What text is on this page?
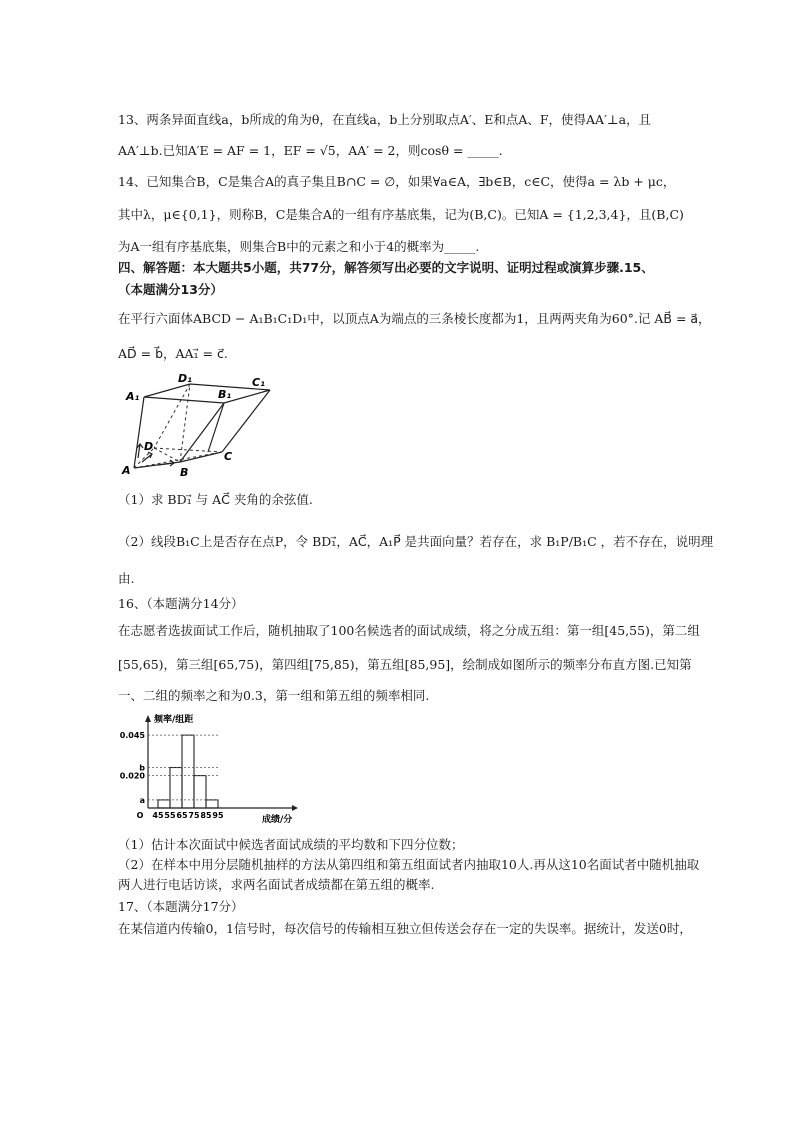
13、两条异面直线a，b所成的角为θ，在直线a，b上分别取点A′、E和点A、F，使得AA′⊥a，且
AA′⊥b.已知A′E = AF = 1，EF = √5，AA′ = 2，则cosθ = _____.
14、已知集合B，C是集合A的真子集且B∩C = ∅，如果∀a∈A，∃b∈B，c∈C，使得a = λb + μc，
其中λ，μ∈{0,1}，则称B，C是集合A的一组有序基底集，记为(B,C)。已知A = {1,2,3,4}，且(B,C)
为A一组有序基底集，则集合B中的元素之和小于4的概率为_____.
四、解答题：本大题共5小题，共77分，解答须写出必要的文字说明、证明过程或演算步骤.15、
（本题满分13分）
在平行六面体ABCD − A₁B₁C₁D₁中，以顶点A为端点的三条棱长度都为1，且两两夹角为60°.记 AB⃗ = a⃗，
AD⃗ = b⃗，AA₁⃗ = c⃗.
A	B
C
D
A₁	B₁
C₁
D₁
（1）求 BD₁⃗ 与 AC⃗ 夹角的余弦值.
（2）线段B₁C上是否存在点P，令 BD₁⃗，AC⃗，A₁P⃗ 是共面向量？若存在，求 B₁P/B₁C ，若不存在，说明理
由.
16、（本题满分14分）
在志愿者选拔面试工作后，随机抽取了100名候选者的面试成绩，将之分成五组：第一组[45,55)，第二组
[55,65)，第三组[65,75)，第四组[75,85)，第五组[85,95]，绘制成如图所示的频率分布直方图.已知第
一、二组的频率之和为0.3，第一组和第五组的频率相同.
a
0.020
b
0.045
O 45 55 65 75 85 95
频率/组距
成绩/分
（1）估计本次面试中候选者面试成绩的平均数和下四分位数；
（2）在样本中用分层随机抽样的方法从第四组和第五组面试者内抽取10人.再从这10名面试者中随机抽取
两人进行电话访谈，求两名面试者成绩都在第五组的概率.
17、（本题满分17分）
在某信道内传输0，1信号时，每次信号的传输相互独立但传送会存在一定的失误率。据统计，发送0时，
